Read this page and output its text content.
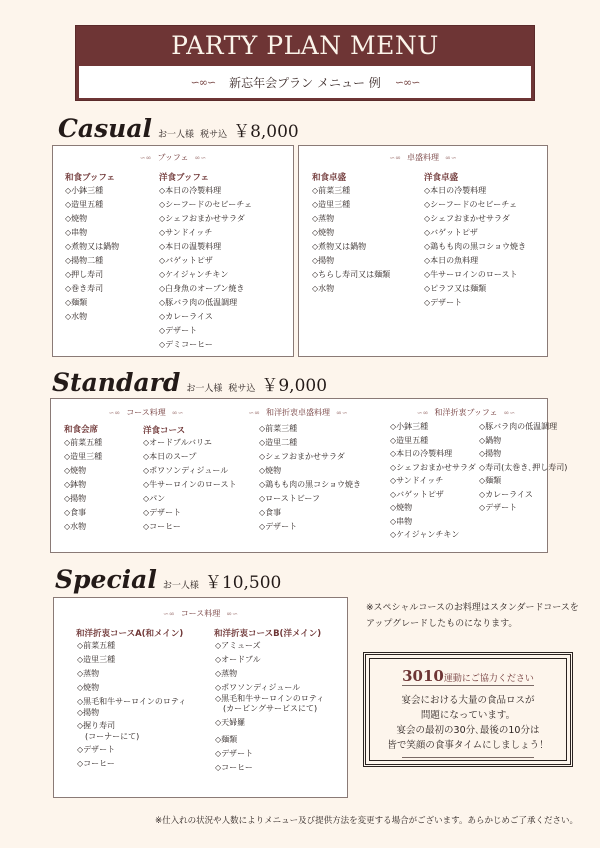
PARTY PLAN MENU
∽∞∽ 新忘年会プラン メニュー 例 ∽∞∽
Casual お一人様 税サ込 ￥8,000
∽∞ ブッフェ ∞∽
和食ブッフェ
◇小鉢三種
◇造里五種
◇焼物
◇串物
◇煮物又は鍋物
◇揚物二種
◇押し寿司
◇巻き寿司
◇麺類
◇水物
洋食ブッフェ
◇本日の冷製料理
◇シーフードのセビーチェ
◇シェフおまかせサラダ
◇サンドイッチ
◇本日の温製料理
◇バゲットピザ
◇ケイジャンチキン
◇白身魚のオーブン焼き
◇豚バラ肉の低温調理
◇カレーライス
◇デザート
◇デミコーヒー
∽∞ 卓盛料理 ∞∽
和食卓盛
◇前菜三種
◇造里三種
◇蒸物
◇焼物
◇煮物又は鍋物
◇揚物
◇ちらし寿司又は麺類
◇水物
洋食卓盛
◇本日の冷製料理
◇シーフードのセビーチェ
◇シェフおまかせサラダ
◇バゲットピザ
◇鶏もも肉の黒コショウ焼き
◇本日の魚料理
◇牛サーロインのロースト
◇ピラフ又は麺類
◇デザート
Standard お一人様 税サ込 ￥9,000
∽∞ コース料理 ∞∽
和食会席
◇前菜五種
◇造里三種
◇焼物
◇鉢物
◇揚物
◇食事
◇水物
洋食コース
◇オードブルバリエ
◇本日のスープ
◇ポワソンディジュール
◇牛サーロインのロースト
◇パン
◇デザート
◇コーヒー
∽∞ 和洋折衷卓盛料理 ∞∽
◇前菜三種
◇造里二種
◇シェフおまかせサラダ
◇焼物
◇鶏もも肉の黒コショウ焼き
◇ローストビーフ
◇食事
◇デザート
∽∞ 和洋折衷ブッフェ ∞∽
◇小鉢三種
◇造里五種
◇本日の冷製料理
◇シェフおまかせサラダ
◇サンドイッチ
◇バゲットピザ
◇焼物
◇串物
◇ケイジャンチキン
◇豚バラ肉の低温調理
◇鍋物
◇揚物
◇寿司(太巻き､押し寿司)
◇麺類
◇カレーライス
◇デザート
Special お一人様 ￥10,500
∽∞ コース料理 ∞∽
和洋折衷コースA(和メイン)
◇前菜五種
◇造里三種
◇蒸物
◇焼物
◇黒毛和牛サーロインのロティ
◇揚物
◇握り寿司
(コーナーにて)
◇デザート
◇コーヒー
和洋折衷コースB(洋メイン)
◇アミューズ
◇オードブル
◇蒸物
◇ポワソンディジュール
◇黒毛和牛サーロインのロティ
(カービングサービスにて)
◇天婦羅
◇麺類
◇デザート
◇コーヒー
※スペシャルコースのお料理はスタンダードコースを
アップグレードしたものになります。
3010運動にご協力ください
宴会における大量の食品ロスが
問題になっています。
宴会の最初の30分､最後の10分は
皆で笑顔の食事タイムにしましょう！
※仕入れの状況や人数によりメニュー及び提供方法を変更する場合がございます。あらかじめご了承ください。
